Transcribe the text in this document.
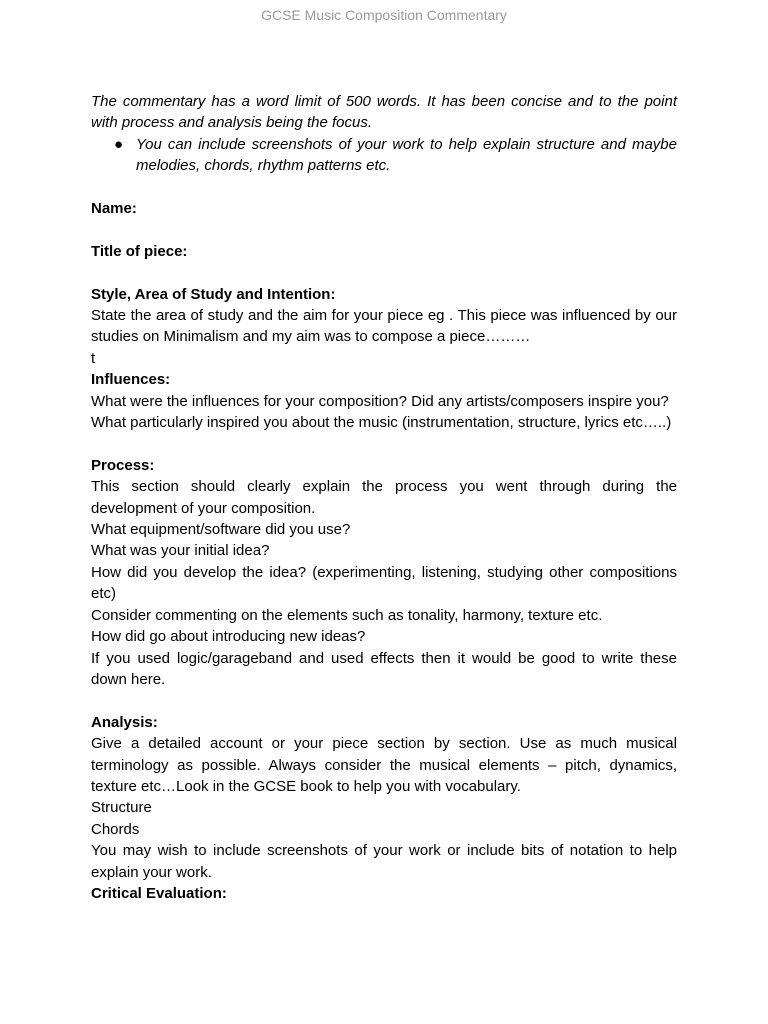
GCSE Music Composition Commentary

The commentary has a word limit of 500 words. It has been concise and to the point with process and analysis being the focus.

● You can include screenshots of your work to help explain structure and maybe melodies, chords, rhythm patterns etc.

Name:

Title of piece:

Style, Area of Study and Intention:

State the area of study and the aim for your piece eg . This piece was influenced by our studies on Minimalism and my aim was to compose a piece………

t

Influences:

What were the influences for your composition? Did any artists/composers inspire you?

What particularly inspired you about the music (instrumentation, structure, lyrics etc…..)

Process:

This section should clearly explain the process you went through during the development of your composition.

What equipment/software did you use?

What was your initial idea?

How did you develop the idea? (experimenting, listening, studying other compositions etc)

Consider commenting on the elements such as tonality, harmony, texture etc.

How did go about introducing new ideas?

If you used logic/garageband and used effects then it would be good to write these down here.

Analysis:

Give a detailed account or your piece section by section. Use as much musical terminology as possible. Always consider the musical elements – pitch, dynamics, texture etc…Look in the GCSE book to help you with vocabulary.

Structure

Chords

You may wish to include screenshots of your work or include bits of notation to help explain your work.

Critical Evaluation:
